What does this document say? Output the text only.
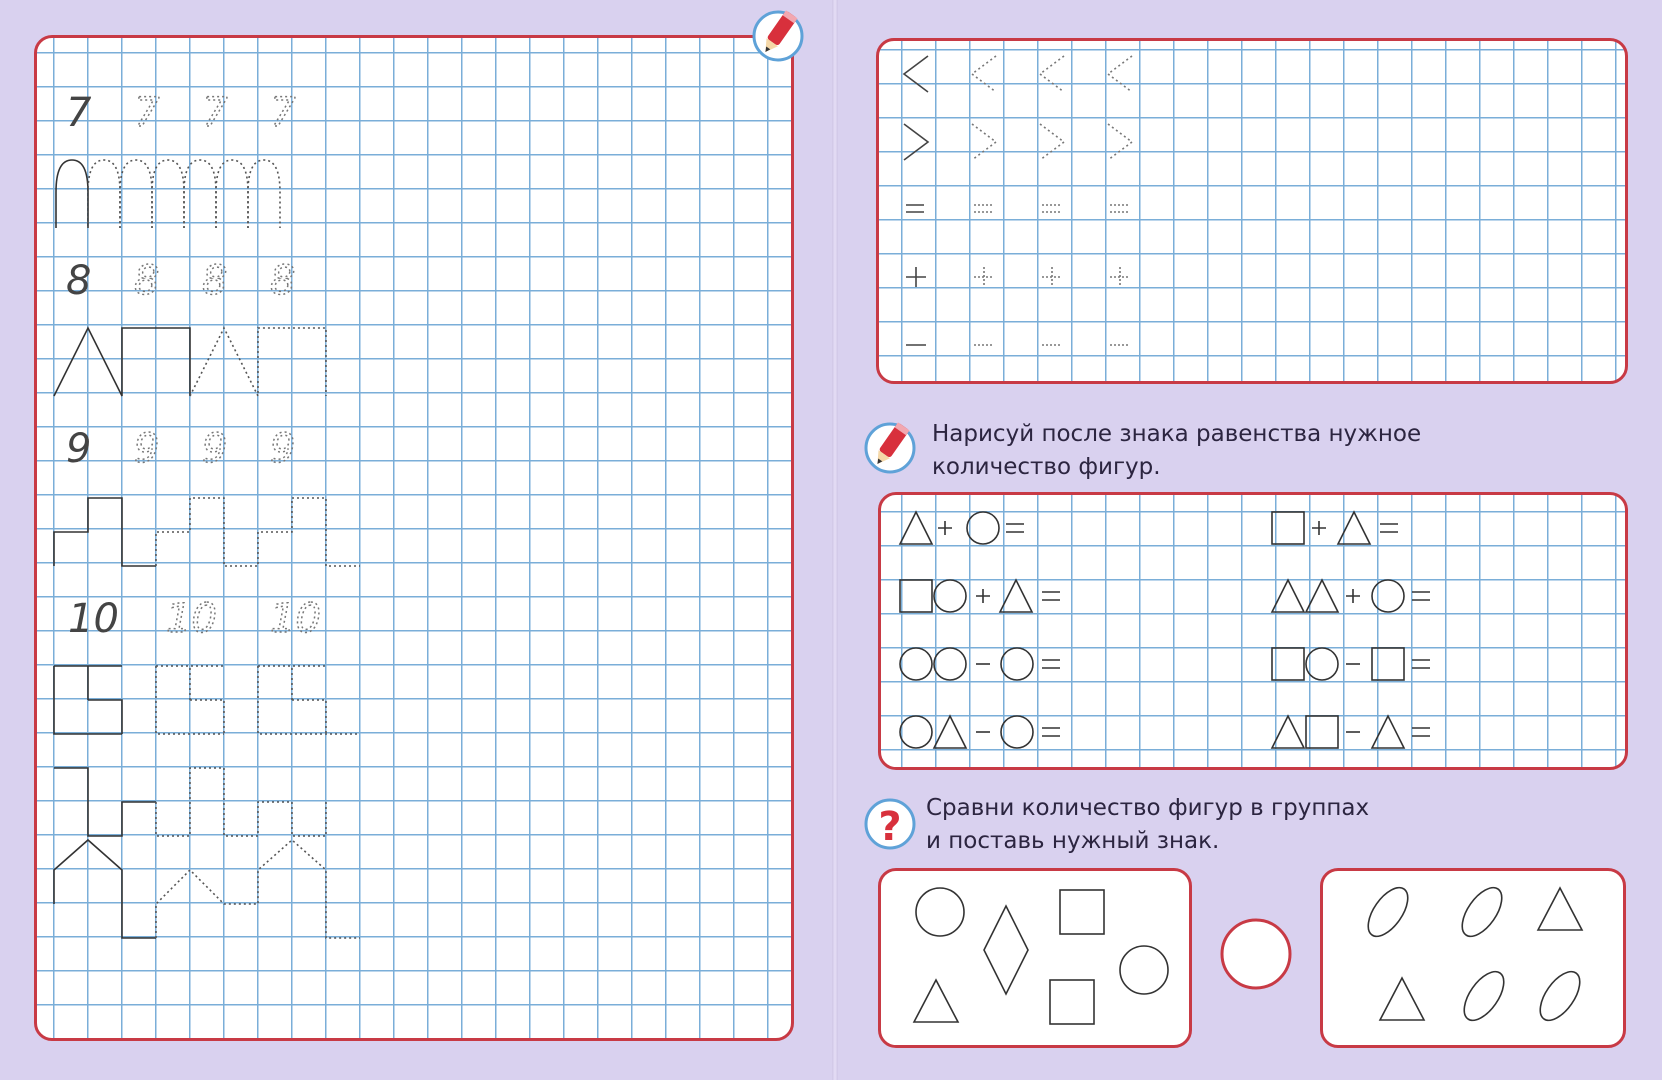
7 7 7 7
8 8 8 8
9 9 9 9
10 10 10

Нарисуй после знака равенства нужное
количество фигур.

? Сравни количество фигур в группах
и поставь нужный знак.
